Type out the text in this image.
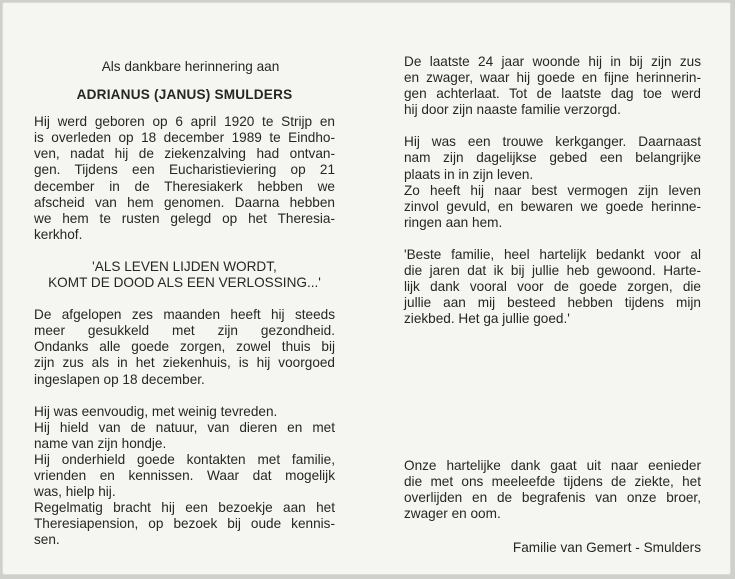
Als dankbare herinnering aan
ADRIANUS (JANUS) SMULDERS
Hij werd geboren op 6 april 1920 te Strijp en
is overleden op 18 december 1989 te Eindho-
ven, nadat hij de ziekenzalving had ontvan-
gen. Tijdens een Eucharistieviering op 21
december in de Theresiakerk hebben we
afscheid van hem genomen. Daarna hebben
we hem te rusten gelegd op het Theresia-
kerkhof.
'ALS LEVEN LIJDEN WORDT,
KOMT DE DOOD ALS EEN VERLOSSING...'
De afgelopen zes maanden heeft hij steeds
meer gesukkeld met zijn gezondheid.
Ondanks alle goede zorgen, zowel thuis bij
zijn zus als in het ziekenhuis, is hij voorgoed
ingeslapen op 18 december.
Hij was eenvoudig, met weinig tevreden.
Hij hield van de natuur, van dieren en met
name van zijn hondje.
Hij onderhield goede kontakten met familie,
vrienden en kennissen. Waar dat mogelijk
was, hielp hij.
Regelmatig bracht hij een bezoekje aan het
Theresiapension, op bezoek bij oude kennis-
sen.
De laatste 24 jaar woonde hij in bij zijn zus
en zwager, waar hij goede en fijne herinnerin-
gen achterlaat. Tot de laatste dag toe werd
hij door zijn naaste familie verzorgd.
Hij was een trouwe kerkganger. Daarnaast
nam zijn dagelijkse gebed een belangrijke
plaats in in zijn leven.
Zo heeft hij naar best vermogen zijn leven
zinvol gevuld, en bewaren we goede herinne-
ringen aan hem.
'Beste familie, heel hartelijk bedankt voor al
die jaren dat ik bij jullie heb gewoond. Harte-
lijk dank vooral voor de goede zorgen, die
jullie aan mij besteed hebben tijdens mijn
ziekbed. Het ga jullie goed.'
Onze hartelijke dank gaat uit naar eenieder
die met ons meeleefde tijdens de ziekte, het
overlijden en de begrafenis van onze broer,
zwager en oom.
Familie van Gemert - Smulders
